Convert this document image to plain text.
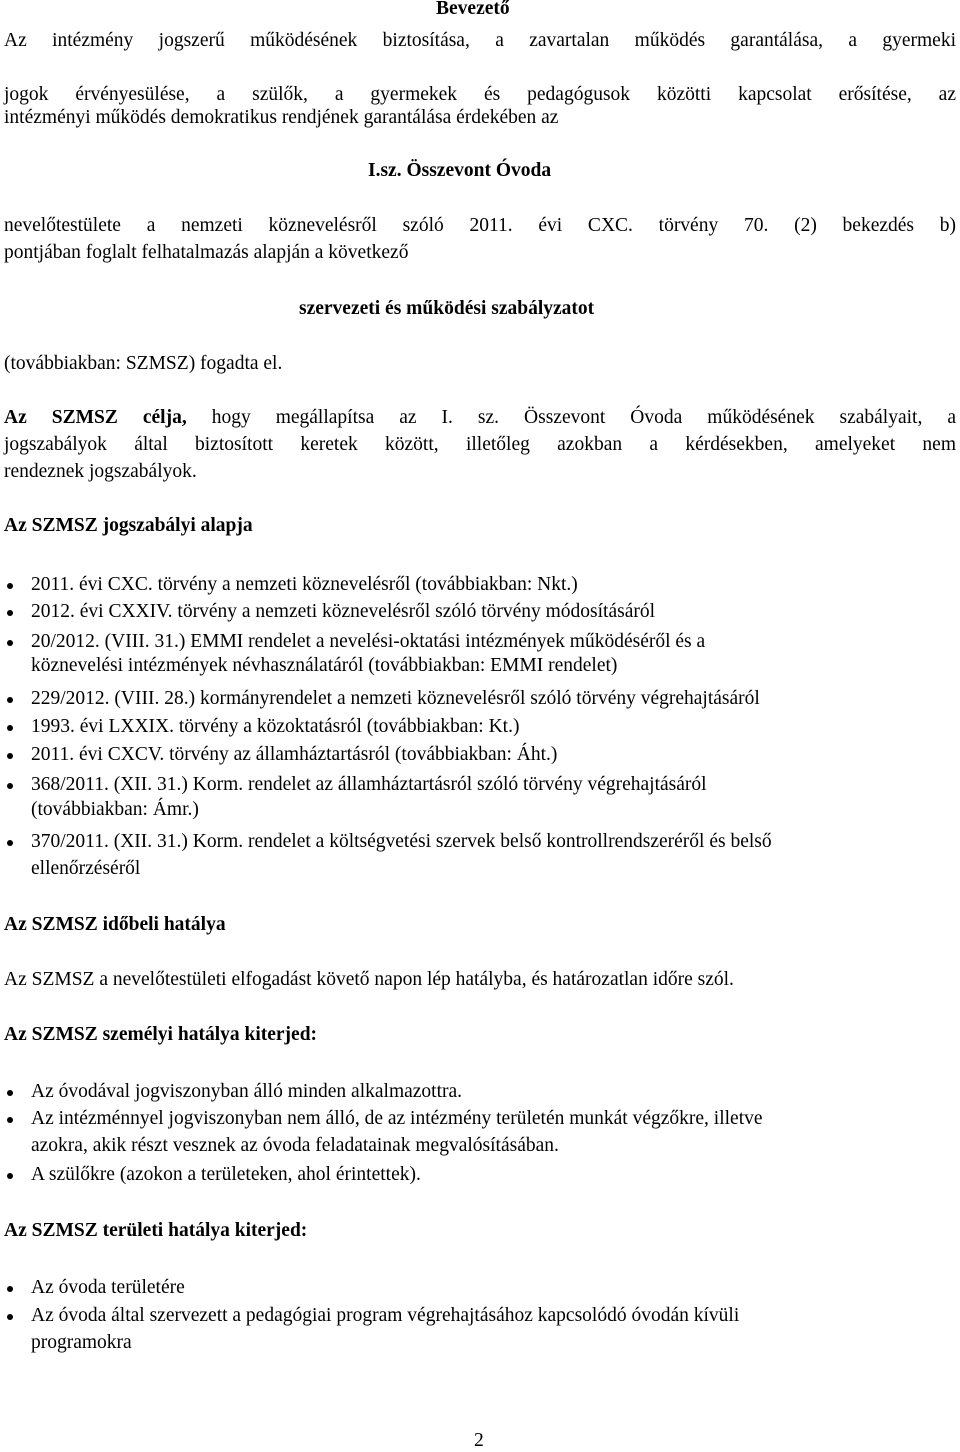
Bevezető
Az intézmény jogszerű működésének biztosítása, a zavartalan működés garantálása, a gyermeki
jogok érvényesülése, a szülők, a gyermekek és pedagógusok közötti kapcsolat erősítése, az
intézményi működés demokratikus rendjének garantálása érdekében az
I.sz. Összevont Óvoda
nevelőtestülete a nemzeti köznevelésről szóló 2011. évi CXC. törvény 70. (2) bekezdés b)
pontjában foglalt felhatalmazás alapján a következő
szervezeti és működési szabályzatot
(továbbiakban: SZMSZ) fogadta el.
Az SZMSZ célja, hogy megállapítsa az I. sz. Összevont Óvoda működésének szabályait, a
jogszabályok által biztosított keretek között, illetőleg azokban a kérdésekben, amelyeket nem
rendeznek jogszabályok.
Az SZMSZ jogszabályi alapja
2011. évi CXC. törvény a nemzeti köznevelésről (továbbiakban: Nkt.)
2012. évi CXXIV. törvény a nemzeti köznevelésről szóló törvény módosításáról
20/2012. (VIII. 31.) EMMI rendelet a nevelési-oktatási intézmények működéséről és a
köznevelési intézmények névhasználatáról (továbbiakban: EMMI rendelet)
229/2012. (VIII. 28.) kormányrendelet a nemzeti köznevelésről szóló törvény végrehajtásáról
1993. évi LXXIX. törvény a közoktatásról (továbbiakban: Kt.)
2011. évi CXCV. törvény az államháztartásról (továbbiakban: Áht.)
368/2011. (XII. 31.) Korm. rendelet az államháztartásról szóló törvény végrehajtásáról
(továbbiakban: Ámr.)
370/2011. (XII. 31.) Korm. rendelet a költségvetési szervek belső kontrollrendszeréről és belső
ellenőrzéséről
Az SZMSZ időbeli hatálya
Az SZMSZ a nevelőtestületi elfogadást követő napon lép hatályba, és határozatlan időre szól.
Az SZMSZ személyi hatálya kiterjed:
Az óvodával jogviszonyban álló minden alkalmazottra.
Az intézménnyel jogviszonyban nem álló, de az intézmény területén munkát végzőkre, illetve
azokra, akik részt vesznek az óvoda feladatainak megvalósításában.
A szülőkre (azokon a területeken, ahol érintettek).
Az SZMSZ területi hatálya kiterjed:
Az óvoda területére
Az óvoda által szervezett a pedagógiai program végrehajtásához kapcsolódó óvodán kívüli
programokra
2
